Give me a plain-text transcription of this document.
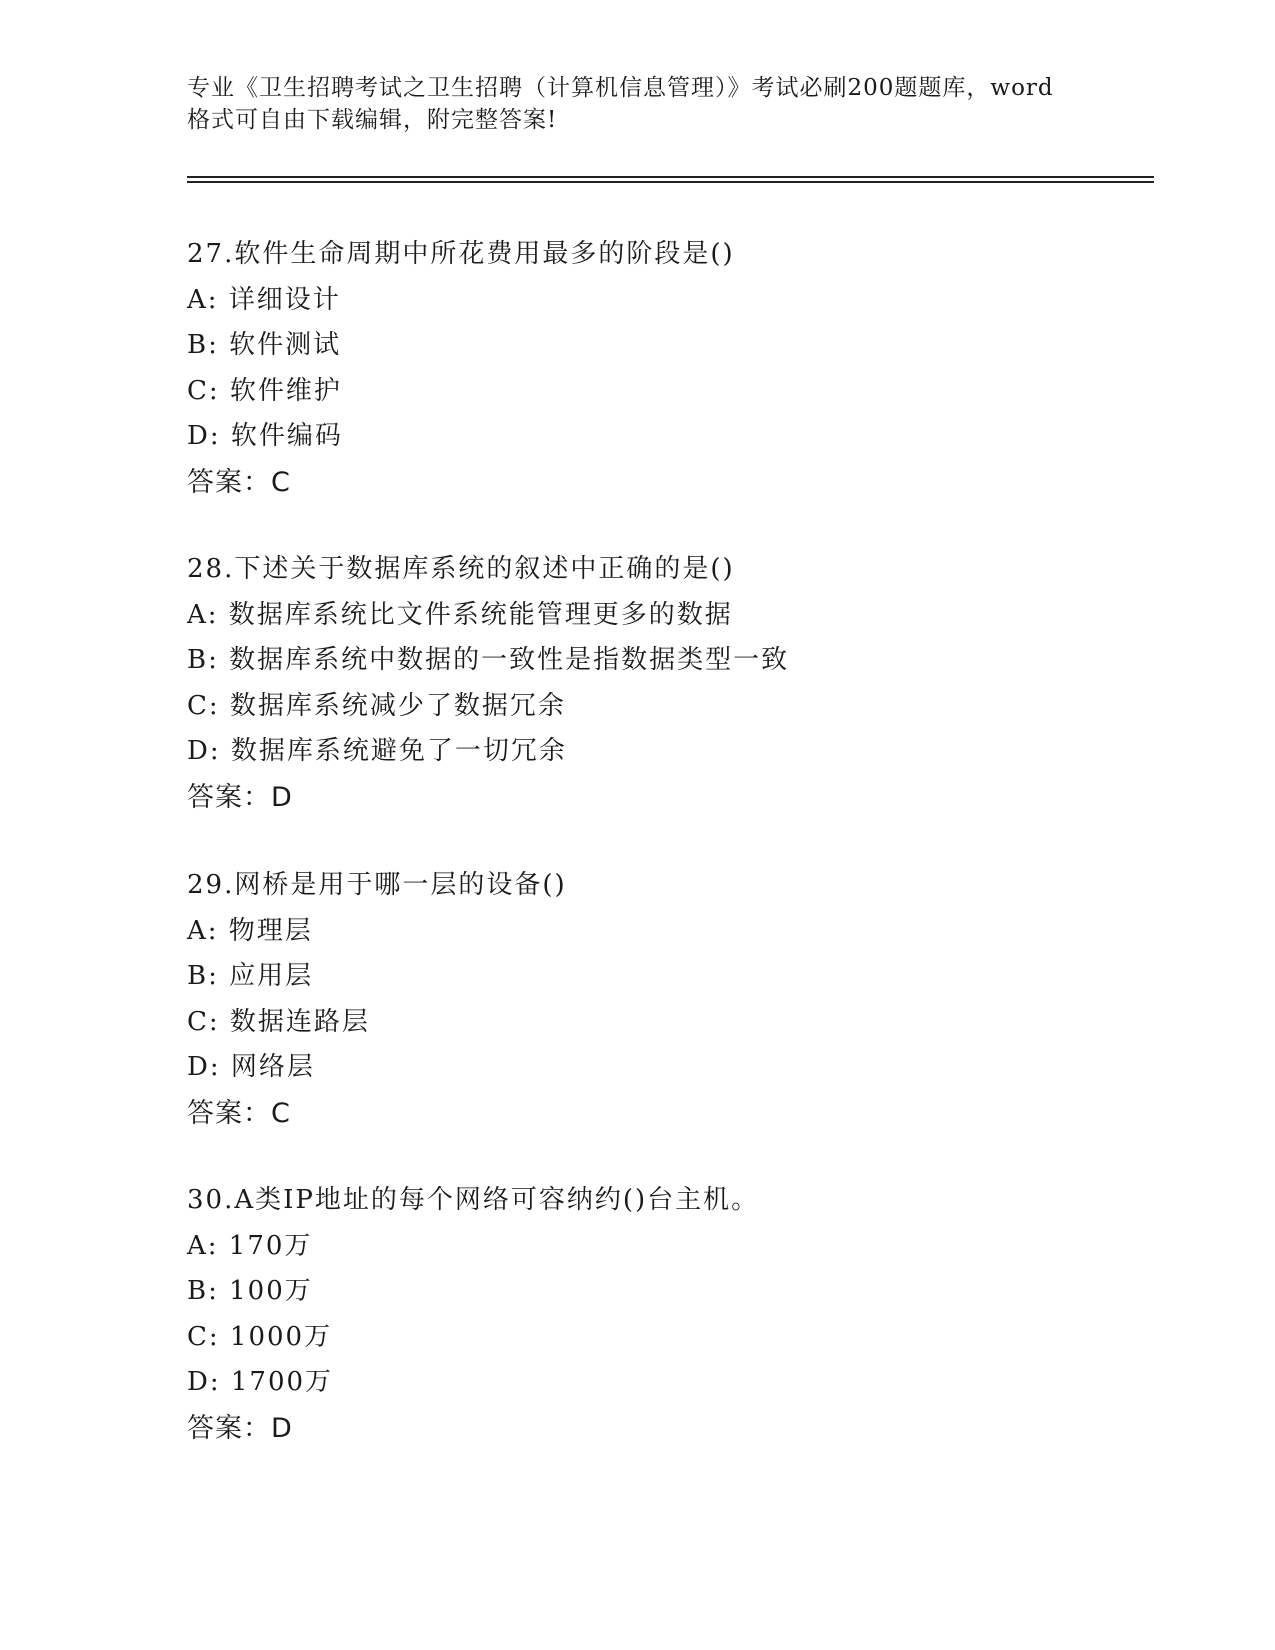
专业《卫生招聘考试之卫生招聘（计算机信息管理）》考试必刷200题题库，word
格式可自由下载编辑，附完整答案!
27.软件生命周期中所花费用最多的阶段是()
A: 详细设计
B: 软件测试
C: 软件维护
D: 软件编码
答案：C
28.下述关于数据库系统的叙述中正确的是()
A: 数据库系统比文件系统能管理更多的数据
B: 数据库系统中数据的一致性是指数据类型一致
C: 数据库系统减少了数据冗余
D: 数据库系统避免了一切冗余
答案：D
29.网桥是用于哪一层的设备()
A: 物理层
B: 应用层
C: 数据连路层
D: 网络层
答案：C
30.A类IP地址的每个网络可容纳约()台主机。
A: 170万
B: 100万
C: 1000万
D: 1700万
答案：D
